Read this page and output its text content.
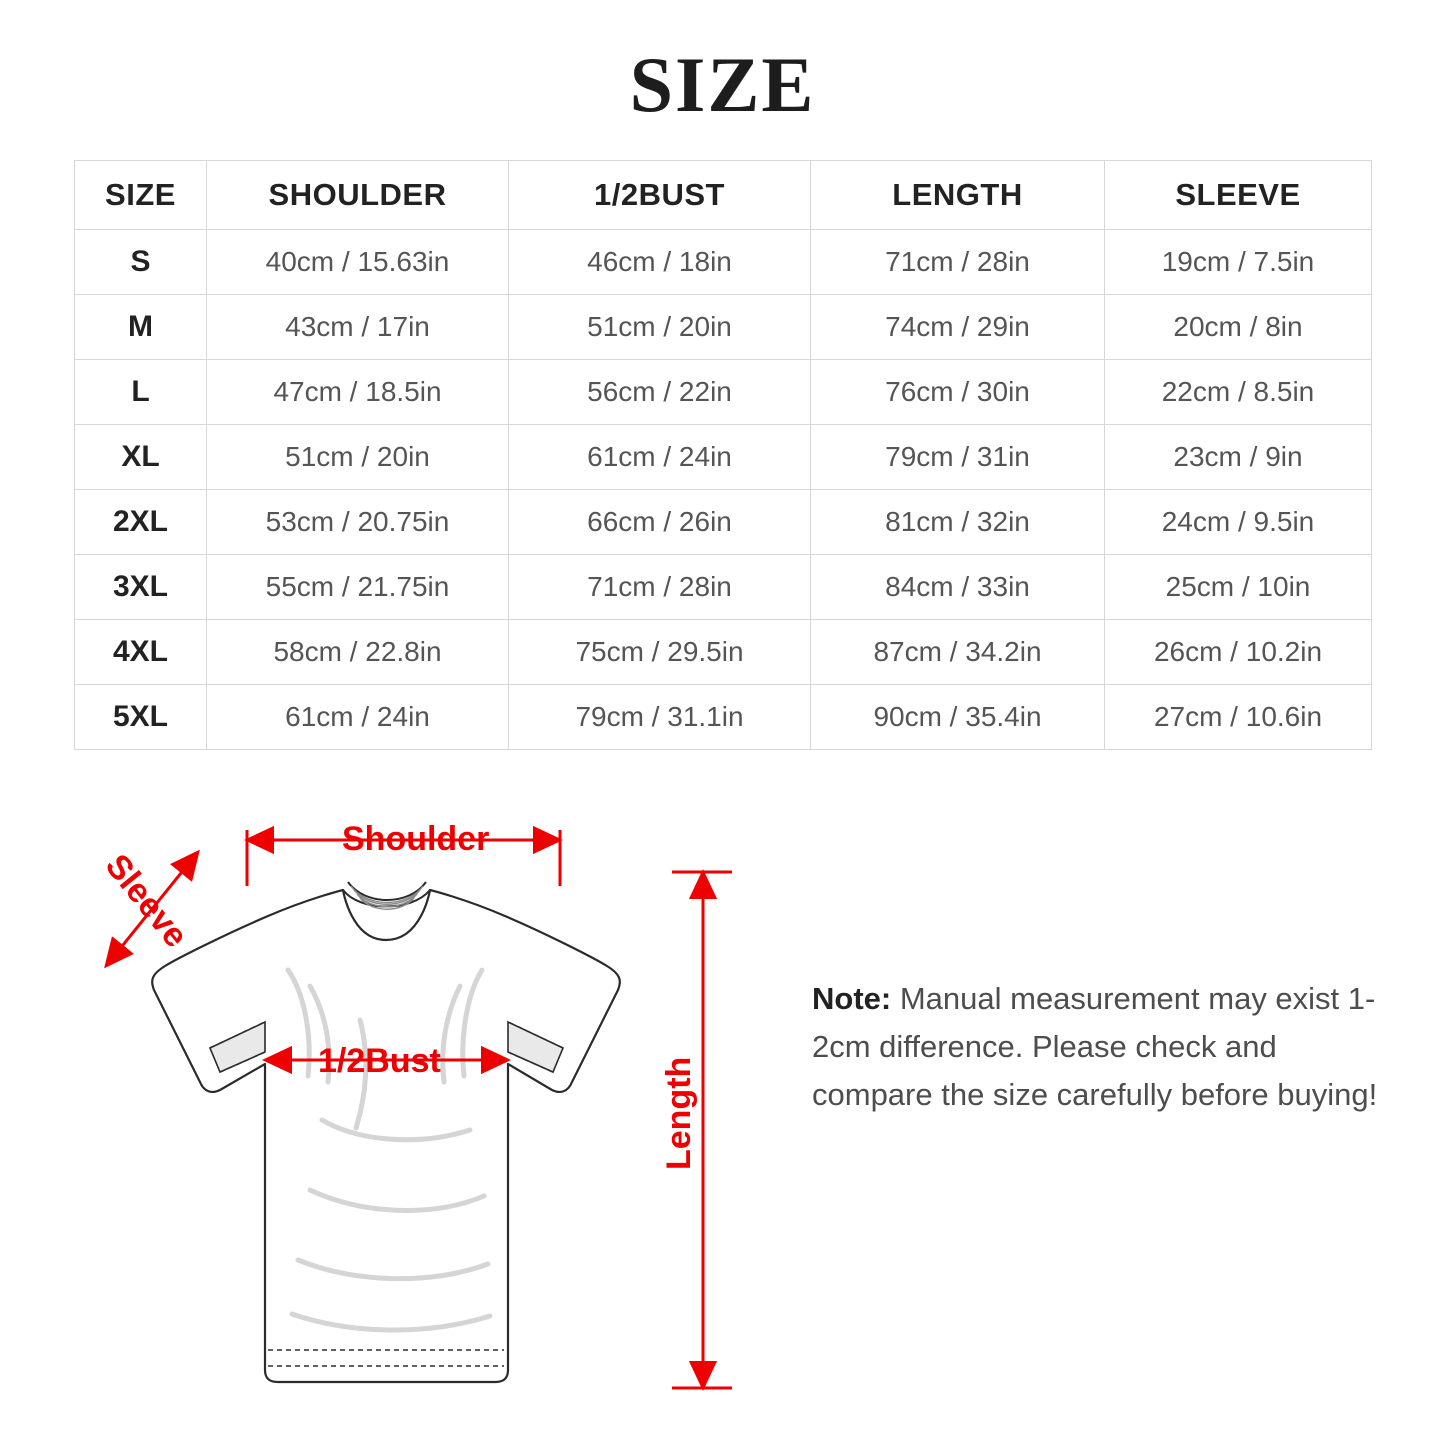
SIZE
SIZE	SHOULDER	1/2BUST	LENGTH	SLEEVE
S	40cm / 15.63in	46cm / 18in	71cm / 28in	19cm / 7.5in
M	43cm / 17in	51cm / 20in	74cm / 29in	20cm / 8in
L	47cm / 18.5in	56cm / 22in	76cm / 30in	22cm / 8.5in
XL	51cm / 20in	61cm / 24in	79cm / 31in	23cm / 9in
2XL	53cm / 20.75in	66cm / 26in	81cm / 32in	24cm / 9.5in
3XL	55cm / 21.75in	71cm / 28in	84cm / 33in	25cm / 10in
4XL	58cm / 22.8in	75cm / 29.5in	87cm / 34.2in	26cm / 10.2in
5XL	61cm / 24in	79cm / 31.1in	90cm / 35.4in	27cm / 10.6in
Shoulder
Sleeve
1/2Bust	Length
Note: Manual measurement may exist 1-2cm difference. Please check and compare the size carefully before buying!
